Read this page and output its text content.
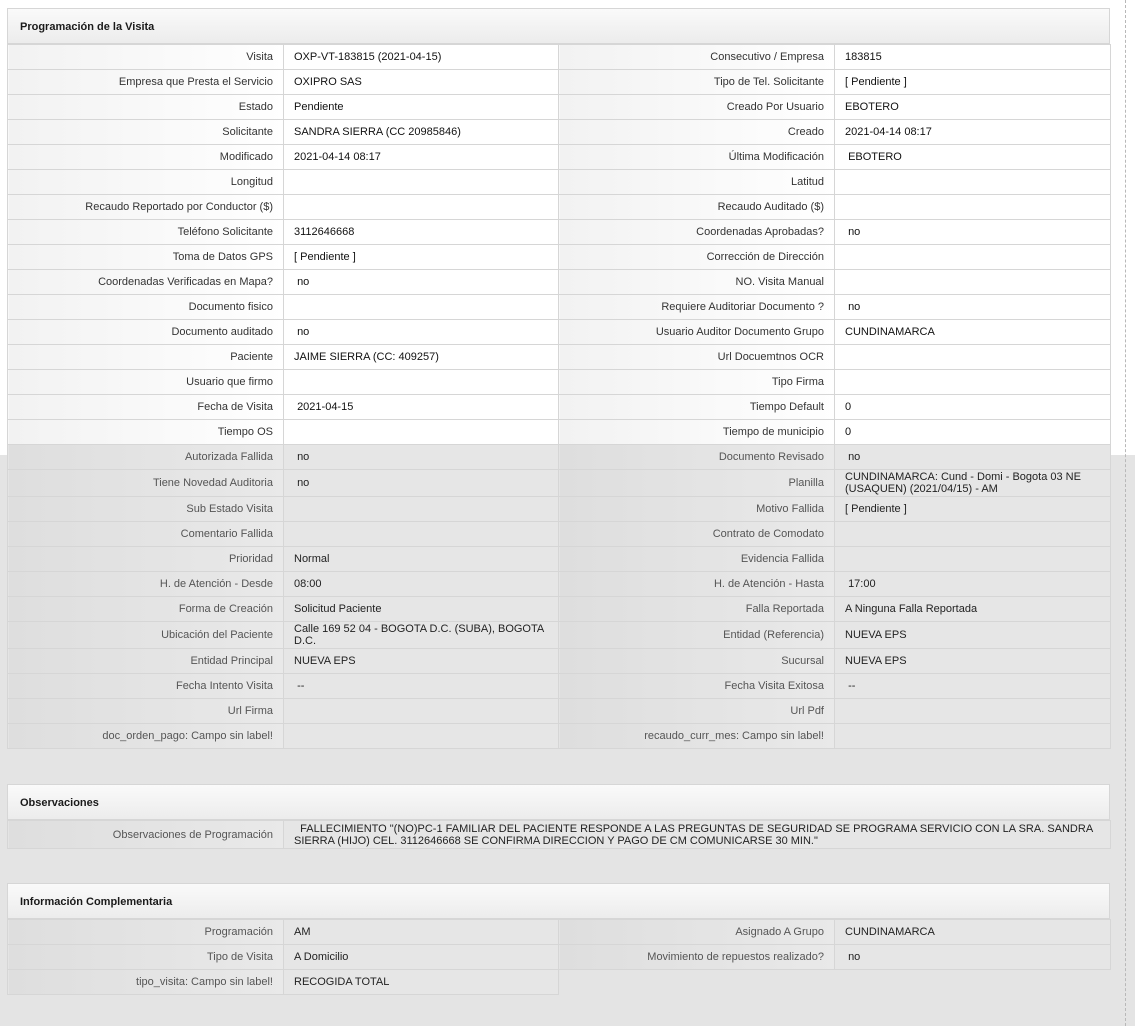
Programación de la Visita
Visita	OXP-VT-183815 (2021-04-15)	Consecutivo / Empresa	183815
Empresa que Presta el Servicio	OXIPRO SAS	Tipo de Tel. Solicitante	[ Pendiente ]
Estado	Pendiente	Creado Por Usuario	EBOTERO
Solicitante	SANDRA SIERRA (CC 20985846)	Creado	2021-04-14 08:17
Modificado	2021-04-14 08:17	Última Modificación	EBOTERO
Longitud		Latitud	
Recaudo Reportado por Conductor ($)		Recaudo Auditado ($)	
Teléfono Solicitante	3112646668	Coordenadas Aprobadas?	no
Toma de Datos GPS	[ Pendiente ]	Corrección de Dirección	
Coordenadas Verificadas en Mapa?	no	NO. Visita Manual	
Documento fisico		Requiere Auditoriar Documento ?	no
Documento auditado	no	Usuario Auditor Documento Grupo	CUNDINAMARCA
Paciente	JAIME SIERRA (CC: 409257)	Url Docuemtnos OCR	
Usuario que firmo		Tipo Firma	
Fecha de Visita	2021-04-15	Tiempo Default	0
Tiempo OS		Tiempo de municipio	0
Autorizada Fallida	no	Documento Revisado	no
Tiene Novedad Auditoria	no	Planilla	CUNDINAMARCA: Cund - Domi - Bogota 03 NE (USAQUEN) (2021/04/15) - AM
Sub Estado Visita		Motivo Fallida	[ Pendiente ]
Comentario Fallida		Contrato de Comodato	
Prioridad	Normal	Evidencia Fallida	
H. de Atención - Desde	08:00	H. de Atención - Hasta	17:00
Forma de Creación	Solicitud Paciente	Falla Reportada	A Ninguna Falla Reportada
Ubicación del Paciente	Calle 169 52 04 - BOGOTA D.C. (SUBA), BOGOTA D.C.	Entidad (Referencia)	NUEVA EPS
Entidad Principal	NUEVA EPS	Sucursal	NUEVA EPS
Fecha Intento Visita	--	Fecha Visita Exitosa	--
Url Firma		Url Pdf	
doc_orden_pago: Campo sin label!		recaudo_curr_mes: Campo sin label!	
Observaciones
Observaciones de Programación	FALLECIMIENTO "(NO)PC-1 FAMILIAR DEL PACIENTE RESPONDE A LAS PREGUNTAS DE SEGURIDAD SE PROGRAMA SERVICIO CON LA SRA. SANDRA SIERRA (HIJO) CEL. 3112646668 SE CONFIRMA DIRECCION Y PAGO DE CM COMUNICARSE 30 MIN."
Información Complementaria
Programación	AM	Asignado A Grupo	CUNDINAMARCA
Tipo de Visita	A Domicilio	Movimiento de repuestos realizado?	no
tipo_visita: Campo sin label!	RECOGIDA TOTAL		
